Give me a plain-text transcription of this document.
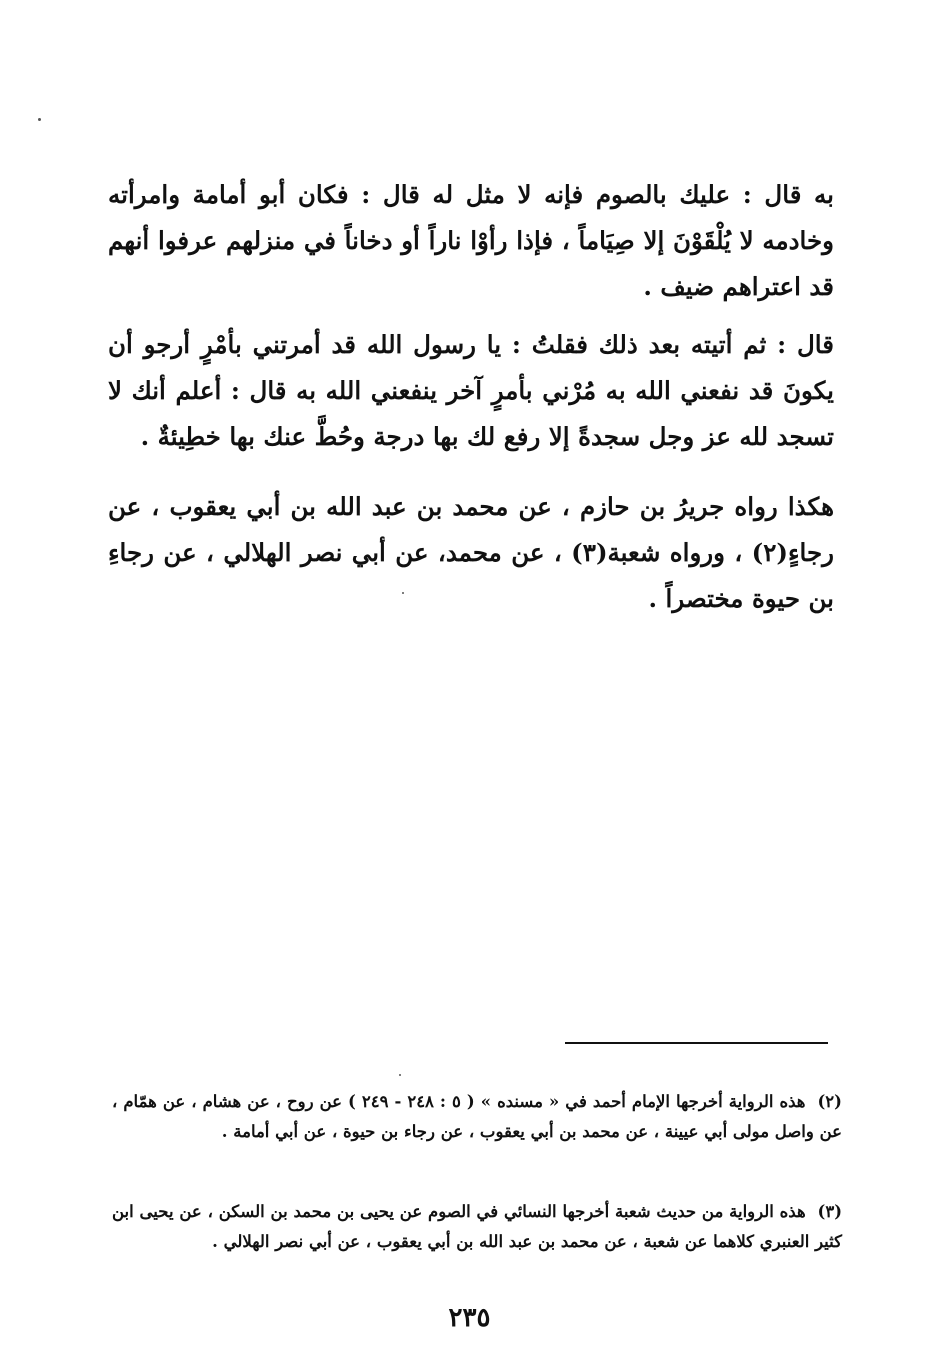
به قال : عليك بالصوم فإنه لا مثل له قال : فكان أبو أمامة وامرأته وخادمه لا يُلْقَوْنَ إلا صِيَاماً ، فإذا رأوْا ناراً أو دخاناً في منزلهم عرفوا أنهم قد اعتراهم ضيف .

قال : ثم أتيته بعد ذلك فقلتُ : يا رسول الله قد أمرتني بأمْرٍ أرجو أن يكونَ قد نفعني الله به مُرْني بأمرٍ آخر ينفعني الله به قال : أعلم أنك لا تسجد لله عز وجل سجدةً إلا رفع لك بها درجة وحُطَّ عنك بها خطِيئةٌ .

هكذا رواه جريرُ بن حازم ، عن محمد بن عبد الله بن أبي يعقوب ، عن رجاءٍ(٢) ، ورواه شعبة(٣) ، عن محمد، عن أبي نصر الهلالي ، عن رجاءِ بن حيوة مختصراً .

(٢) هذه الرواية أخرجها الإمام أحمد في « مسنده » ( ٥ : ٢٤٨ - ٢٤٩ ) عن روح ، عن هشام ، عن همّام ، عن واصل مولى أبي عيينة ، عن محمد بن أبي يعقوب ، عن رجاء بن حيوة ، عن أبي أمامة .

(٣) هذه الرواية من حديث شعبة أخرجها النسائي في الصوم عن يحيى بن محمد بن السكن ، عن يحيى ابن كثير العنبري كلاهما عن شعبة ، عن محمد بن عبد الله بن أبي يعقوب ، عن أبي نصر الهلالي .

٢٣٥
